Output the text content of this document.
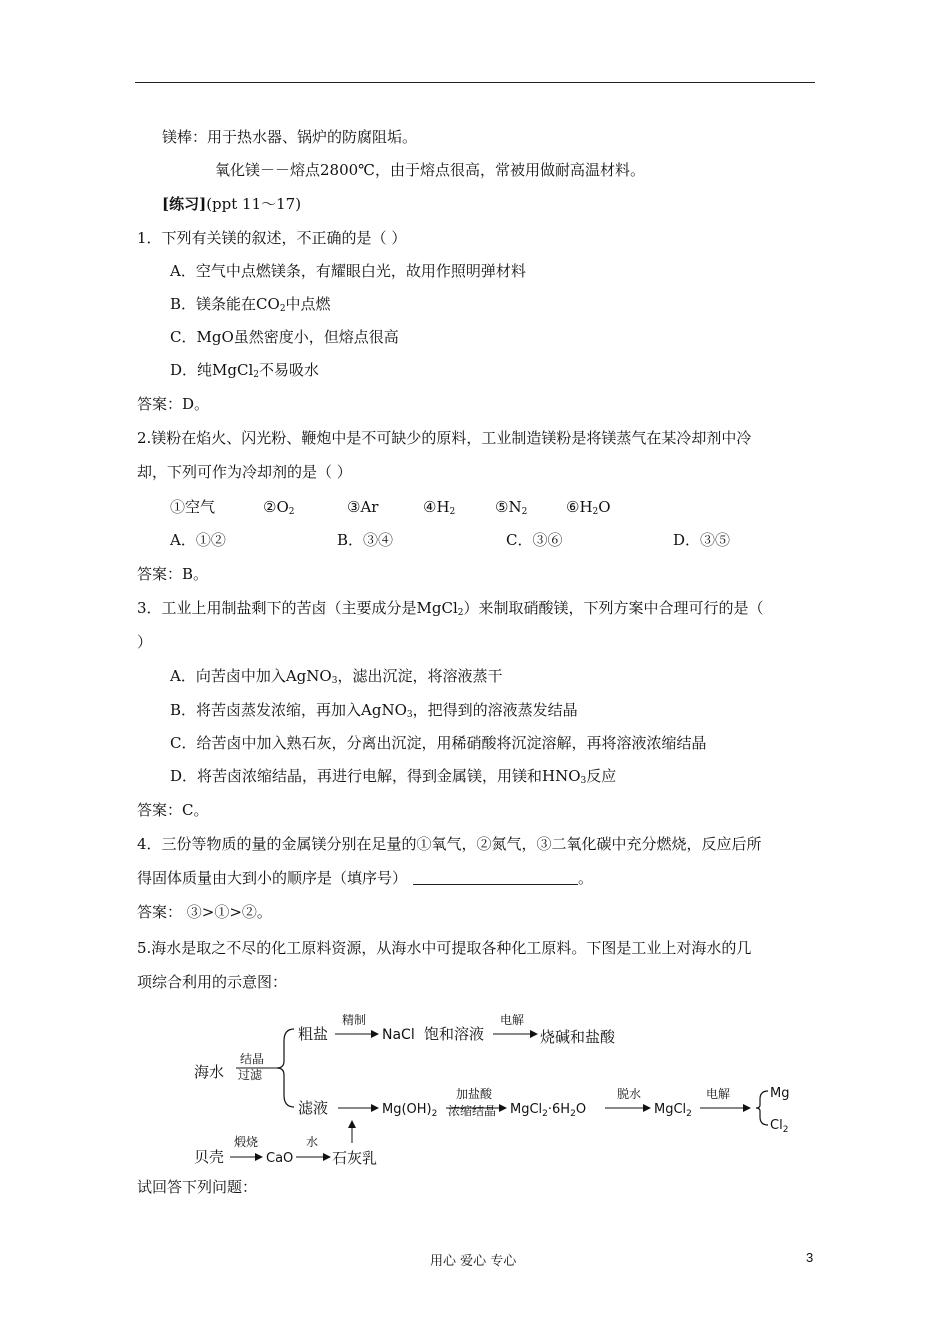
镁棒：用于热水器、锅炉的防腐阻垢。
氧化镁－－熔点2800℃，由于熔点很高，常被用做耐高温材料。
[练习](ppt 11～17)
1．下列有关镁的叙述，不正确的是（ ）
A．空气中点燃镁条，有耀眼白光，故用作照明弹材料
B．镁条能在$CO_2$中点燃
C．MgO虽然密度小，但熔点很高
D．纯MgCl$_2$不易吸水
答案：D。
2.镁粉在焰火、闪光粉、鞭炮中是不可缺少的原料，工业制造镁粉是将镁蒸气在某冷却剂中冷
却，下列可作为冷却剂的是（ ）
①空气	$②O_2$	③Ar	$④H_2$	$⑤N_2$	$⑥H_2O$
A．①②	B．③④	C．③⑥	D．③⑤
答案：B。
3．工业上用制盐剩下的苦卤（主要成分是MgCl$_2$）来制取硝酸镁，下列方案中合理可行的是（
）
A．向苦卤中加入AgNO$_3$，滤出沉淀，将溶液蒸干
B．将苦卤蒸发浓缩，再加入AgNO$_3$，把得到的溶液蒸发结晶
C．给苦卤中加入熟石灰，分离出沉淀，用稀硝酸将沉淀溶解，再将溶液浓缩结晶
D．将苦卤浓缩结晶，再进行电解，得到金属镁，用镁和$HNO_3$反应
答案：C。
4．三份等物质的量的金属镁分别在足量的①氧气，②氮气，③二氧化碳中充分燃烧，反应后所
得固体质量由大到小的顺序是（填序号）	。
答案： ③>①>②。
5.海水是取之不尽的化工原料资源，从海水中可提取各种化工原料。下图是工业上对海水的几
项综合利用的示意图：
海水
结晶
过滤
粗盐
精制
NaCl 饱和溶液
电解
烧碱和盐酸
滤液	$Mg(OH)_2$
加盐酸
浓缩结晶 $MgCl_2\cdot 6H_2O$
脱水
MgCl$_2$
电解	Mg
$Cl_2$
贝壳
煅烧
CaO
水
石灰乳
试回答下列问题：
用心 爱心 专心	3
